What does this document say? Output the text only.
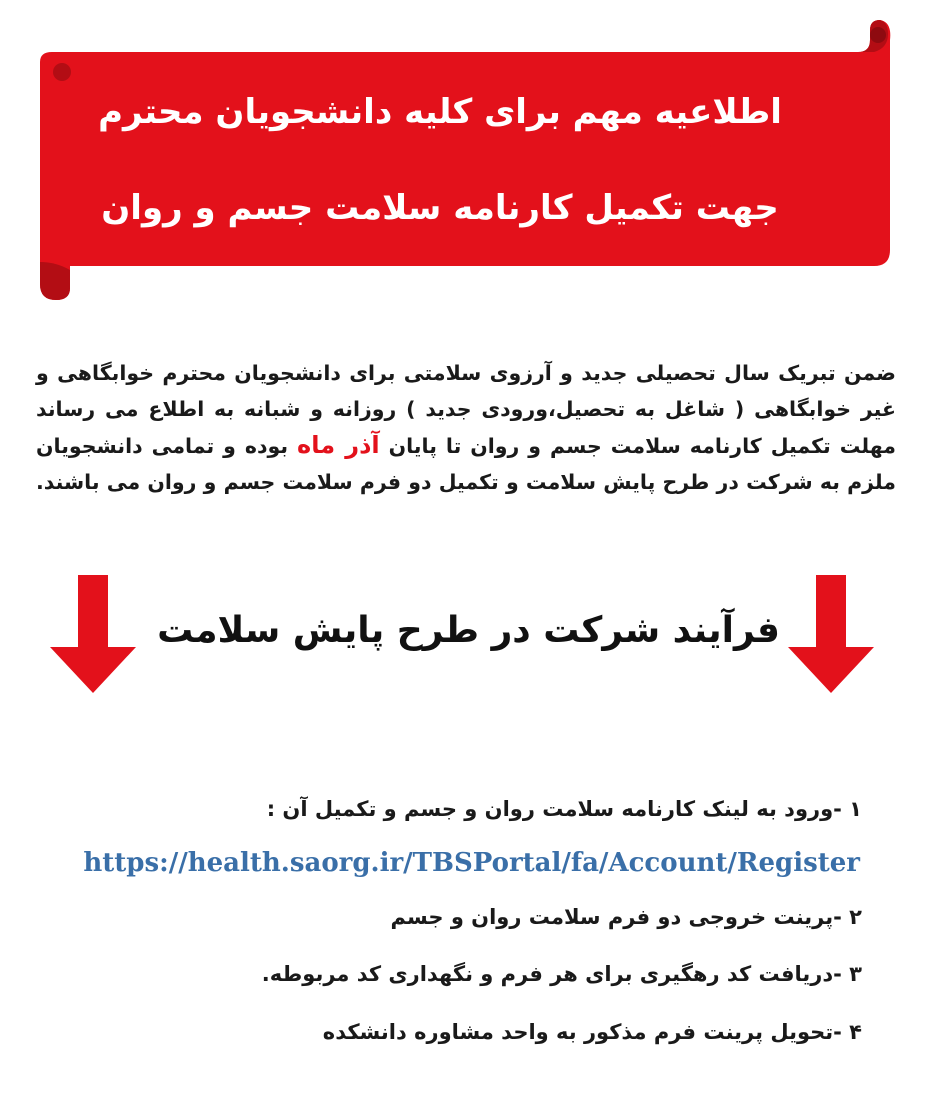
اطلاعیه مهم برای کلیه دانشجویان محترم
جهت تکمیل کارنامه سلامت جسم و روان
ضمن تبریک سال تحصیلی جدید و آرزوی سلامتی برای دانشجویان محترم خوابگاهی و
غیر خوابگاهی ( شاغل به تحصیل،ورودی جدید ) روزانه و شبانه به اطلاع می رساند
مهلت تکمیل کارنامه سلامت جسم و روان تا پایان آذر ماه بوده و تمامی دانشجویان
ملزم به شرکت در طرح پایش سلامت و تکمیل دو فرم سلامت جسم و روان می باشند.
فرآیند شرکت در طرح پایش سلامت
۱ -ورود به لینک کارنامه سلامت روان و جسم و تکمیل آن :
https://health.saorg.ir/TBSPortal/fa/Account/Register
۲ -پرینت خروجی دو فرم سلامت روان و جسم
۳ -دریافت کد رهگیری برای هر فرم و نگهداری کد مربوطه.
۴ -تحویل پرینت فرم مذکور به واحد مشاوره دانشکده
